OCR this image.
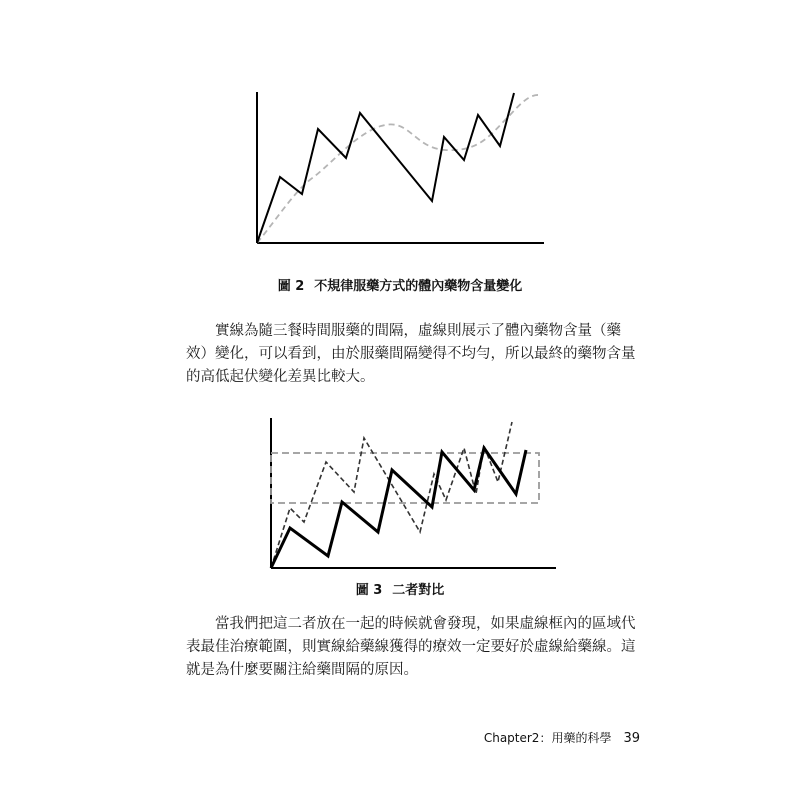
圖 2 不規律服藥方式的體內藥物含量變化
實線為隨三餐時間服藥的間隔，虛線則展示了體內藥物含量（藥
效）變化，可以看到，由於服藥間隔變得不均勻，所以最終的藥物含量
的高低起伏變化差異比較大。
圖 3 二者對比
當我們把這二者放在一起的時候就會發現，如果虛線框內的區域代
表最佳治療範圍，則實線給藥線獲得的療效一定要好於虛線給藥線。這
就是為什麼要關注給藥間隔的原因。
Chapter2：用藥的科學 39
